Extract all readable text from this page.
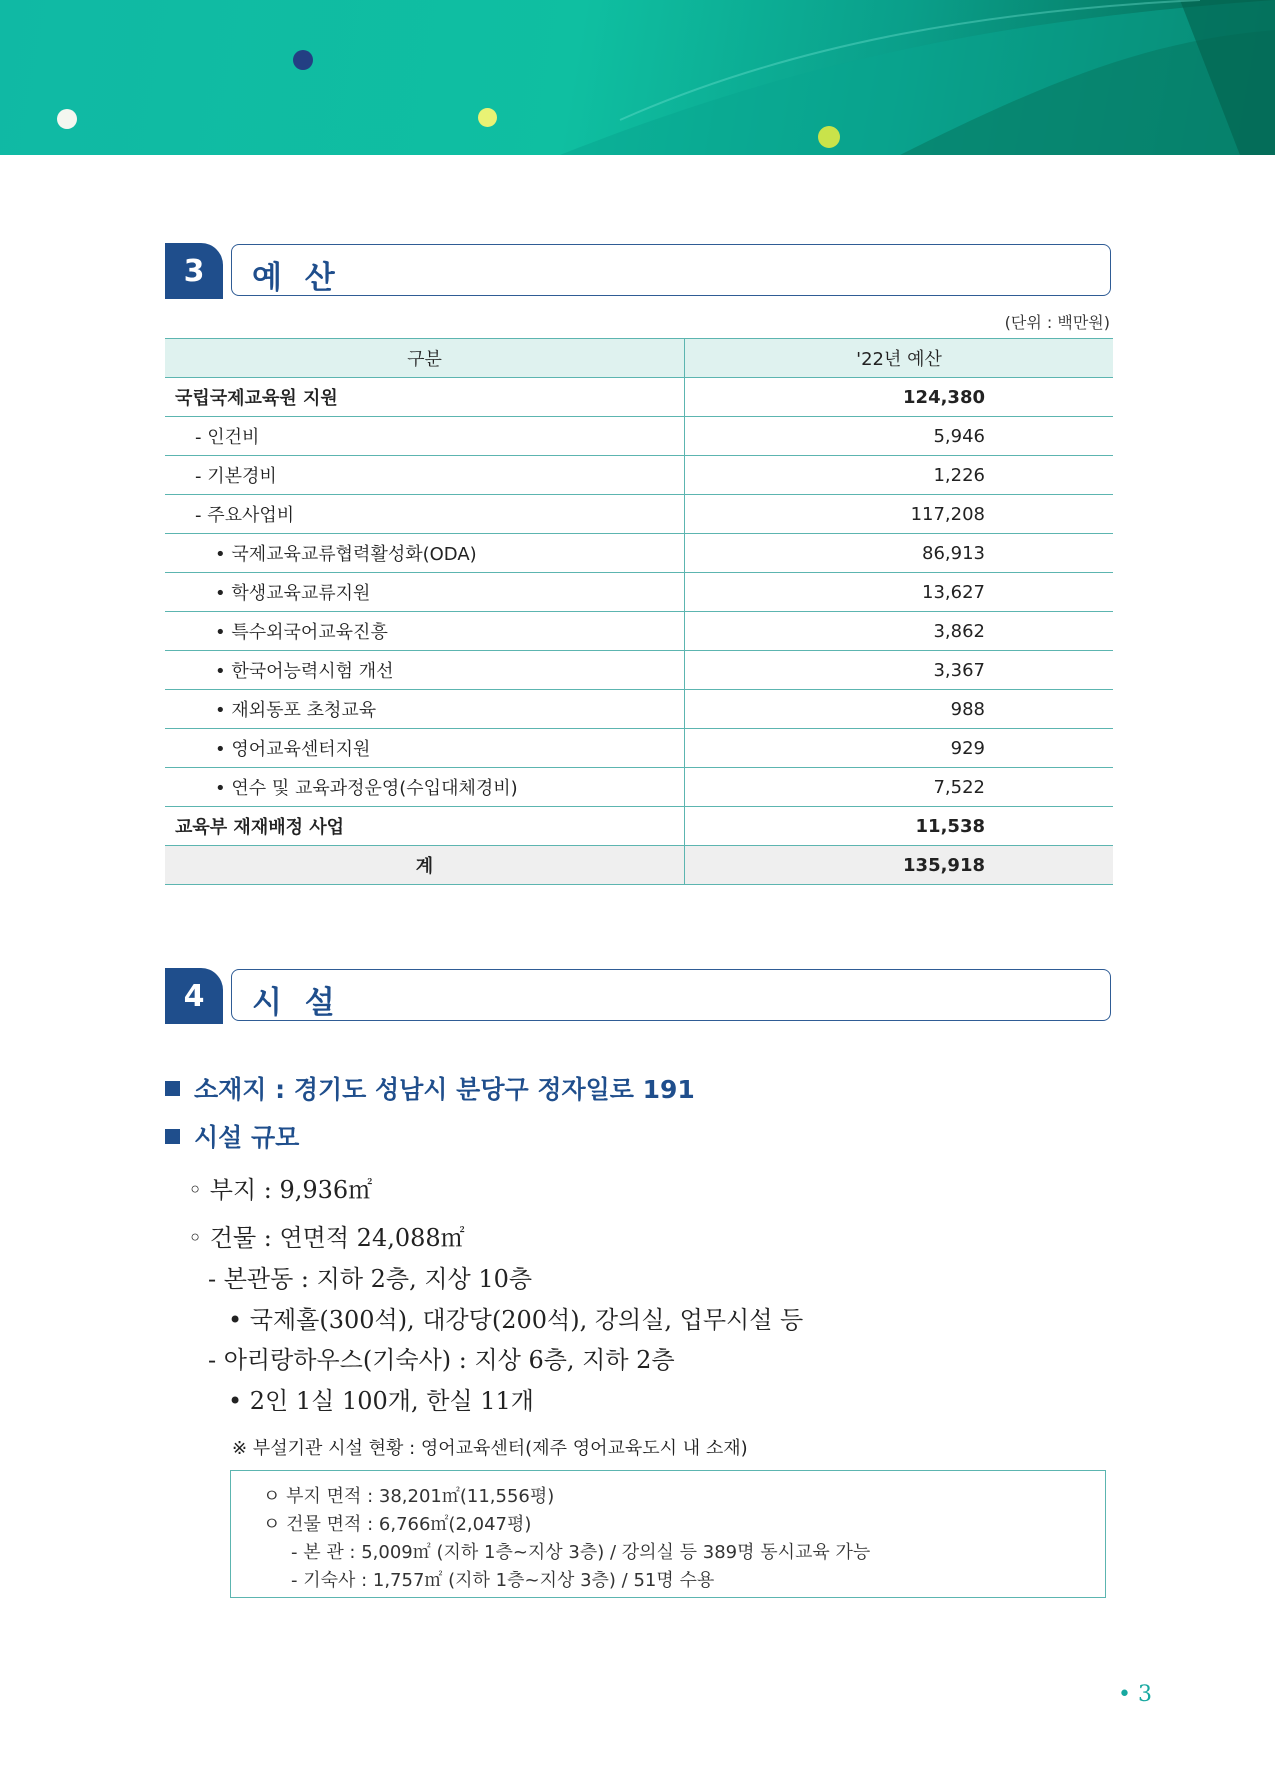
3	예 산
(단위 : 백만원)
구분	'22년 예산
국립국제교육원 지원	124,380
- 인건비	5,946
- 기본경비	1,226
- 주요사업비	117,208
• 국제교육교류협력활성화(ODA)	86,913
• 학생교육교류지원	13,627
• 특수외국어교육진흥	3,862
• 한국어능력시험 개선	3,367
• 재외동포 초청교육	988
• 영어교육센터지원	929
• 연수 및 교육과정운영(수입대체경비)	7,522
교육부 재재배정 사업	11,538
계	135,918
4	시 설
소재지 : 경기도 성남시 분당구 정자일로 191
시설 규모
◦ 부지 : 9,936㎡
◦ 건물 : 연면적 24,088㎡
- 본관동 : 지하 2층, 지상 10층
• 국제홀(300석), 대강당(200석), 강의실, 업무시설 등
- 아리랑하우스(기숙사) : 지상 6층, 지하 2층
• 2인 1실 100개, 한실 11개
※ 부설기관 시설 현황 : 영어교육센터(제주 영어교육도시 내 소재)
ㅇ 부지 면적 : 38,201㎡(11,556평)
ㅇ 건물 면적 : 6,766㎡(2,047평)
- 본 관 : 5,009㎡ (지하 1층~지상 3층) / 강의실 등 389명 동시교육 가능
- 기숙사 : 1,757㎡ (지하 1층~지상 3층) / 51명 수용
• 3
